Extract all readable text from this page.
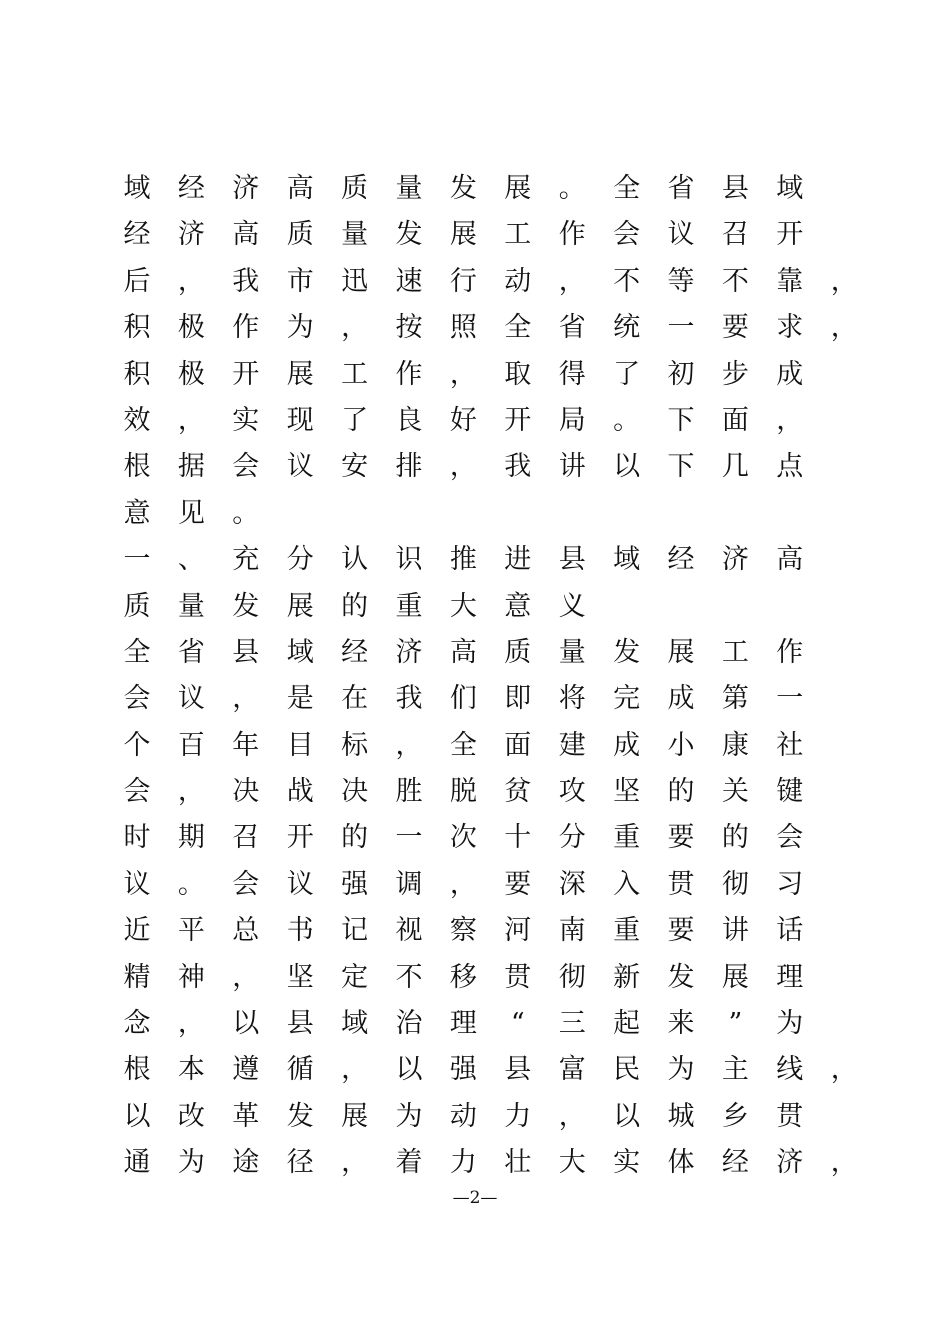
域 经 济 高 质 量 发 展 。 全 省 县 域
经 济 高 质 量 发 展 工 作 会 议 召 开
后 ， 我 市 迅 速 行 动 ， 不 等 不 靠 ，
积 极 作 为 ， 按 照 全 省 统 一 要 求 ，
积 极 开 展 工 作 ， 取 得 了 初 步 成
效 ， 实 现 了 良 好 开 局 。 下 面 ，
根 据 会 议 安 排 ， 我 讲 以 下 几 点
意 见 。
一 、 充 分 认 识 推 进 县 域 经 济 高
质 量 发 展 的 重 大 意 义
全 省 县 域 经 济 高 质 量 发 展 工 作
会 议 ， 是 在 我 们 即 将 完 成 第 一
个 百 年 目 标 ， 全 面 建 成 小 康 社
会 ， 决 战 决 胜 脱 贫 攻 坚 的 关 键
时 期 召 开 的 一 次 十 分 重 要 的 会
议 。 会 议 强 调 ， 要 深 入 贯 彻 习
近 平 总 书 记 视 察 河 南 重 要 讲 话
精 神 ， 坚 定 不 移 贯 彻 新 发 展 理
念 ， 以 县 域 治 理	“	三 起 来	”	为
根 本 遵 循 ， 以 强 县 富 民 为 主 线 ，
以 改 革 发 展 为 动 力 ， 以 城 乡 贯
通 为 途 径 ， 着 力 壮 大 实 体 经 济 ，
—2—
